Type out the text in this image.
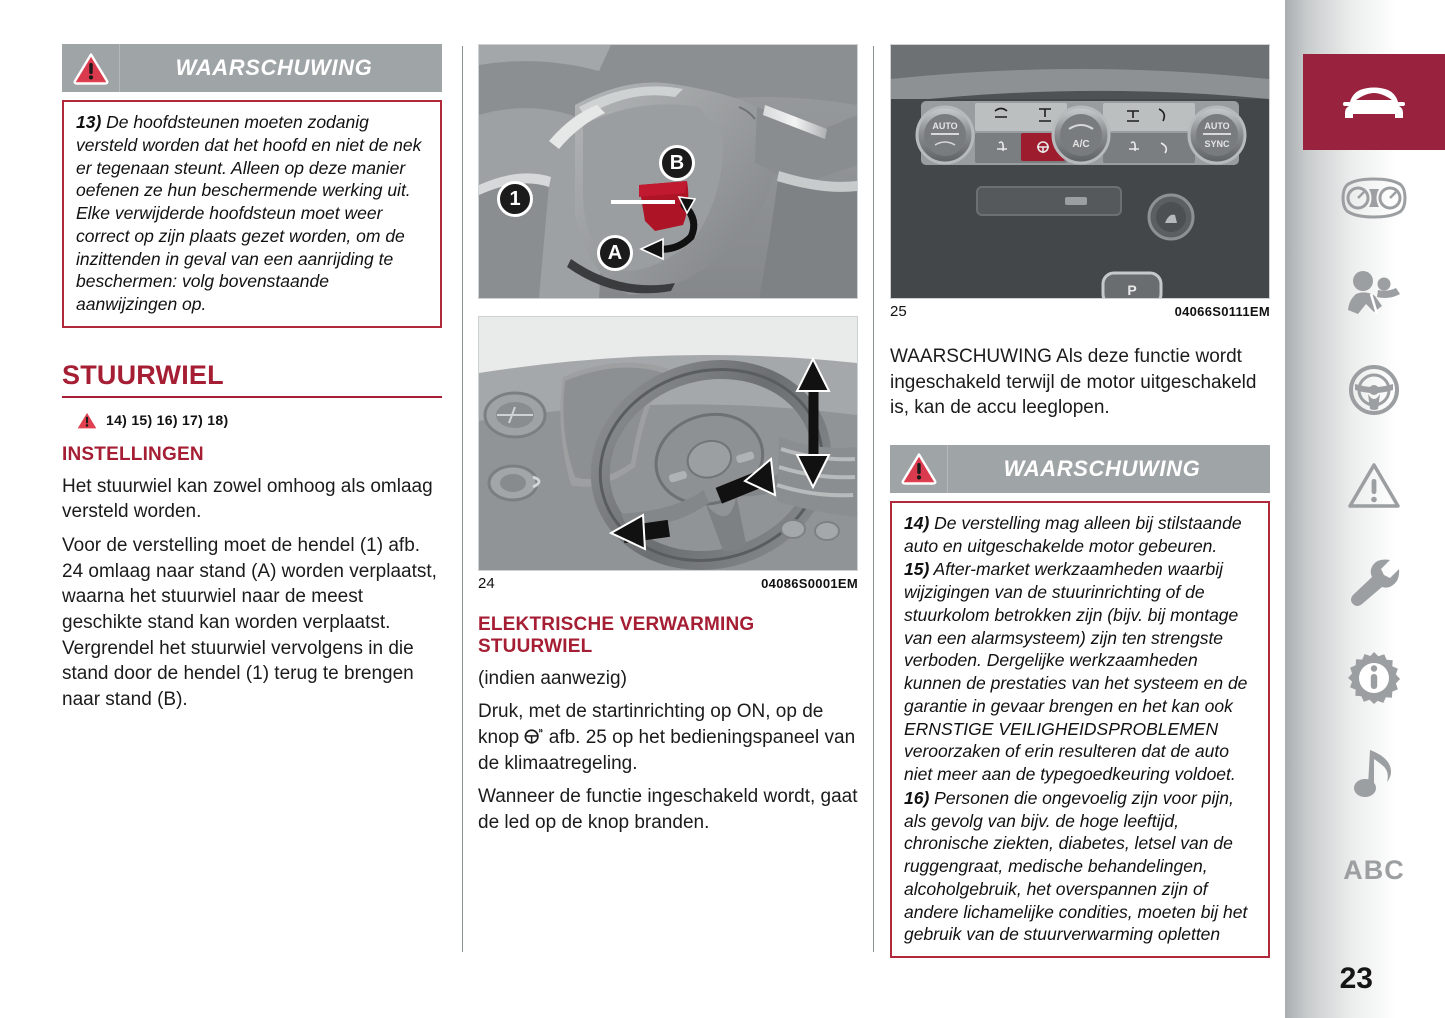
WAARSCHUWING

13) De hoofdsteunen moeten zodanig versteld worden dat het hoofd en niet de nek er tegenaan steunt. Alleen op deze manier oefenen ze hun beschermende werking uit. Elke verwijderde hoofdsteun moet weer correct op zijn plaats gezet worden, om de inzittenden in geval van een aanrijding te beschermen: volg bovenstaande aanwijzingen op.

STUURWIEL
14) 15) 16) 17) 18)
INSTELLINGEN

Het stuurwiel kan zowel omhoog als omlaag versteld worden.

Voor de verstelling moet de hendel (1) afb. 24 omlaag naar stand (A) worden verplaatst, waarna het stuurwiel naar de meest geschikte stand kan worden verplaatst. Vergrendel het stuurwiel vervolgens in die stand door de hendel (1) terug te brengen naar stand (B).

1
A
B
24	04086S0001EM
ELEKTRISCHE VERWARMING
STUURWIEL

(indien aanwezig)

Druk, met de startinrichting op ON, op de knop afb. 25 op het bedieningspaneel van de klimaatregeling.

Wanneer de functie ingeschakeld wordt, gaat de led op de knop branden.

AUTO
A/C
AUTO
SYNC
P
25	04066S0111EM

WAARSCHUWING Als deze functie wordt ingeschakeld terwijl de motor uitgeschakeld is, kan de accu leeglopen.

WAARSCHUWING

14) De verstelling mag alleen bij stilstaande auto en uitgeschakelde motor gebeuren.

15) After-market werkzaamheden waarbij wijzigingen van de stuurinrichting of de stuurkolom betrokken zijn (bijv. bij montage van een alarmsysteem) zijn ten strengste verboden. Dergelijke werkzaamheden kunnen de prestaties van het systeem en de garantie in gevaar brengen en het kan ook ERNSTIGE VEILIGHEIDSPROBLEMEN veroorzaken of erin resulteren dat de auto niet meer aan de typegoedkeuring voldoet.

16) Personen die ongevoelig zijn voor pijn, als gevolg van bijv. de hoge leeftijd, chronische ziekten, diabetes, letsel van de ruggengraat, medische behandelingen, alcoholgebruik, het overspannen zijn of andere lichamelijke condities, moeten bij het gebruik van de stuurverwarming opletten

ABC
23
